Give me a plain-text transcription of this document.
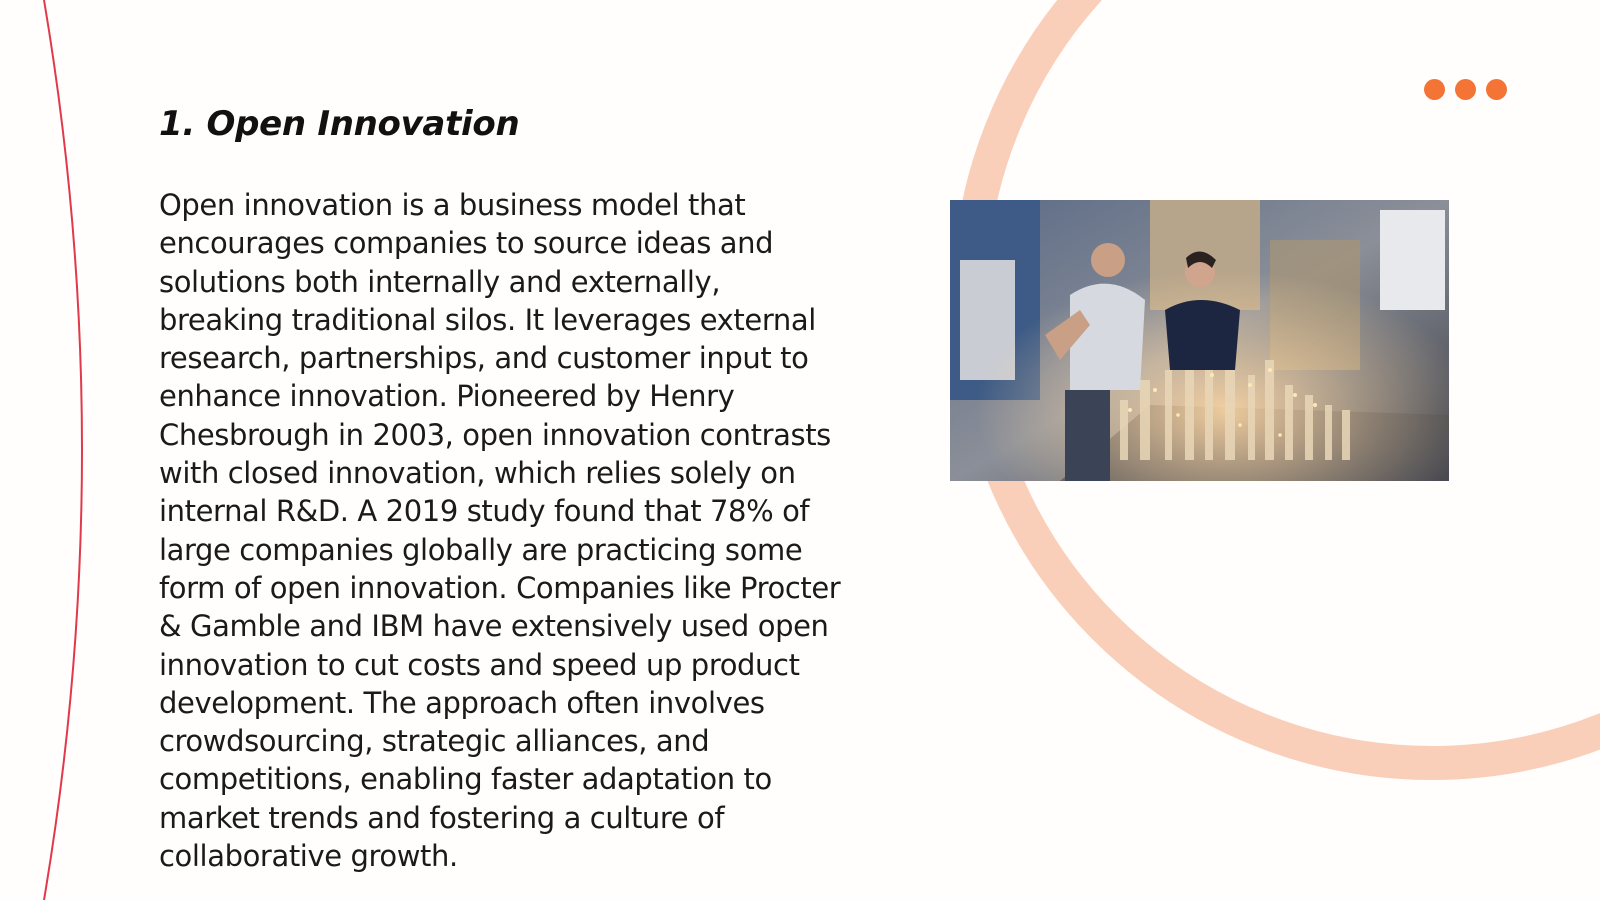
1. Open Innovation

Open innovation is a business model that encourages companies to source ideas and solutions both internally and externally, breaking traditional silos. It leverages external research, partnerships, and customer input to enhance innovation. Pioneered by Henry Chesbrough in 2003, open innovation contrasts with closed innovation, which relies solely on internal R&D. A 2019 study found that 78% of large companies globally are practicing some form of open innovation. Companies like Procter & Gamble and IBM have extensively used open innovation to cut costs and speed up product development. The approach often involves crowdsourcing, strategic alliances, and competitions, enabling faster adaptation to market trends and fostering a culture of collaborative growth.
